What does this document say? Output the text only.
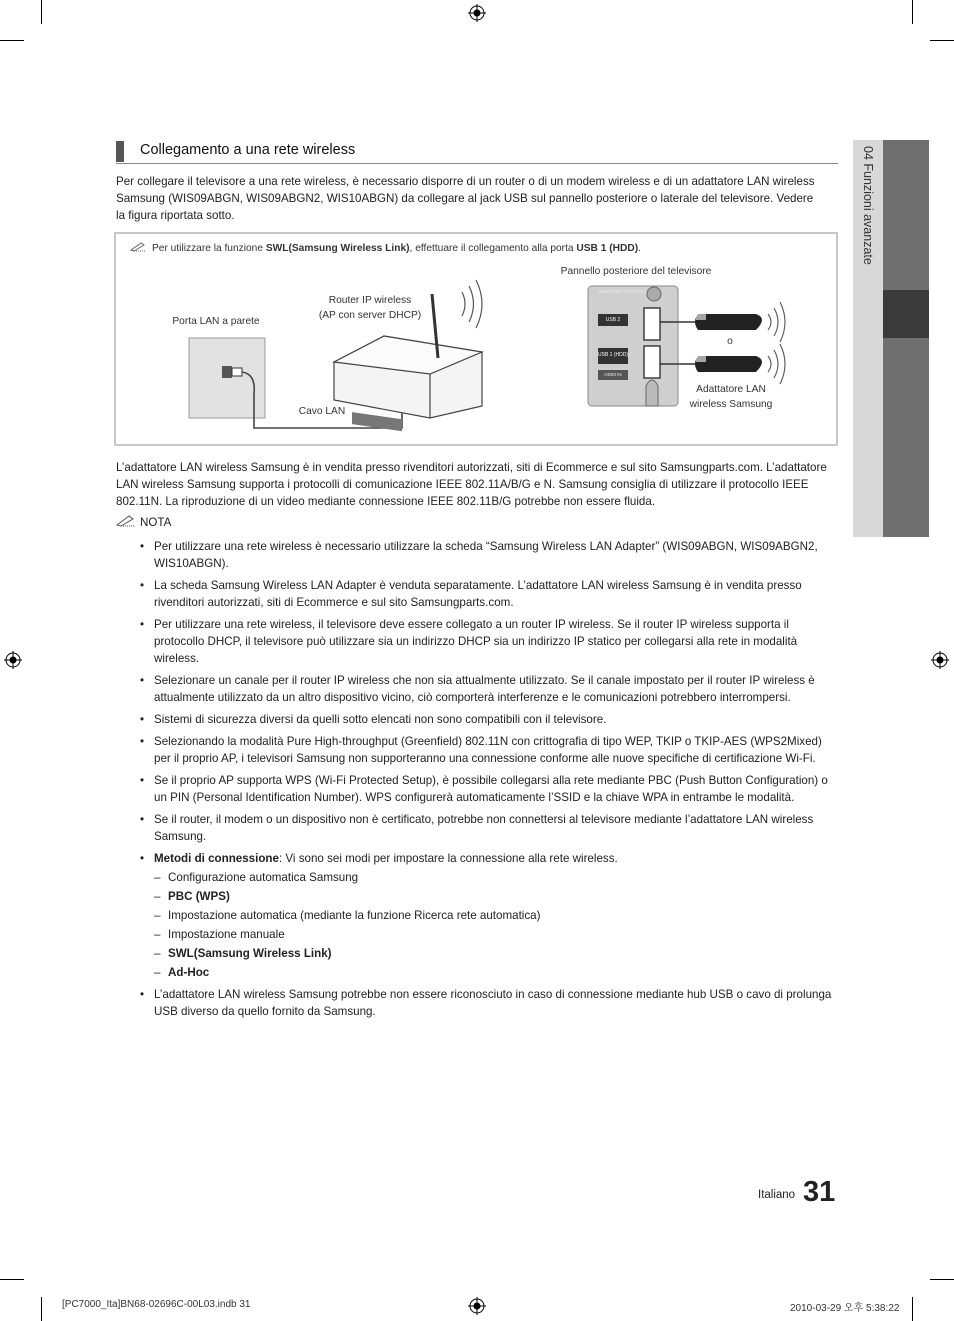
04 Funzioni avanzate
Collegamento a una rete wireless
Per collegare il televisore a una rete wireless, è necessario disporre di un router o di un modem wireless e di un adattatore LAN wireless Samsung (WIS09ABGN, WIS09ABGN2, WIS10ABGN) da collegare al jack USB sul pannello posteriore o laterale del televisore. Vedere la figura riportata sotto.
Per utilizzare la funzione SWL(Samsung Wireless Link), effettuare il collegamento alla porta USB 1 (HDD).
AUDIO OUT (OPTICAL)
USB 2
USB 1 (HDD)
HDMI IN
Porta LAN a parete
Router IP wireless
(AP con server DHCP)
Cavo LAN
Pannello posteriore del televisore
o
Adattatore LAN
wireless Samsung
L’adattatore LAN wireless Samsung è in vendita presso rivenditori autorizzati, siti di Ecommerce e sul sito Samsungparts.com. L’adattatore LAN wireless Samsung supporta i protocolli di comunicazione IEEE 802.11A/B/G e N. Samsung consiglia di utilizzare il protocollo IEEE 802.11N. La riproduzione di un video mediante connessione IEEE 802.11B/G potrebbe non essere fluida.
NOTA
• Per utilizzare una rete wireless è necessario utilizzare la scheda “Samsung Wireless LAN Adapter” (WIS09ABGN, WIS09ABGN2, WIS10ABGN).
• La scheda Samsung Wireless LAN Adapter è venduta separatamente. L’adattatore LAN wireless Samsung è in vendita presso rivenditori autorizzati, siti di Ecommerce e sul sito Samsungparts.com.
• Per utilizzare una rete wireless, il televisore deve essere collegato a un router IP wireless. Se il router IP wireless supporta il protocollo DHCP, il televisore può utilizzare sia un indirizzo DHCP sia un indirizzo IP statico per collegarsi alla rete in modalità wireless.
• Selezionare un canale per il router IP wireless che non sia attualmente utilizzato. Se il canale impostato per il router IP wireless è attualmente utilizzato da un altro dispositivo vicino, ciò comporterà interferenze e le comunicazioni potrebbero interrompersi.
• Sistemi di sicurezza diversi da quelli sotto elencati non sono compatibili con il televisore.
• Selezionando la modalità Pure High-throughput (Greenfield) 802.11N con crittografia di tipo WEP, TKIP o TKIP-AES (WPS2Mixed) per il proprio AP, i televisori Samsung non supporteranno una connessione conforme alle nuove specifiche di certificazione Wi-Fi.
• Se il proprio AP supporta WPS (Wi-Fi Protected Setup), è possibile collegarsi alla rete mediante PBC (Push Button Configuration) o un PIN (Personal Identification Number). WPS configurerà automaticamente l’SSID e la chiave WPA in entrambe le modalità.
• Se il router, il modem o un dispositivo non è certificato, potrebbe non connettersi al televisore mediante l’adattatore LAN wireless Samsung.
• Metodi di connessione: Vi sono sei modi per impostare la connessione alla rete wireless.
– Configurazione automatica Samsung
– PBC (WPS)
– Impostazione automatica (mediante la funzione Ricerca rete automatica)
– Impostazione manuale
– SWL(Samsung Wireless Link)
– Ad-Hoc
• L’adattatore LAN wireless Samsung potrebbe non essere riconosciuto in caso di connessione mediante hub USB o cavo di prolunga USB diverso da quello fornito da Samsung.
Italiano 31
[PC7000_Ita]BN68-02696C-00L03.indb 31	2010-03-29 오후 5:38:22
